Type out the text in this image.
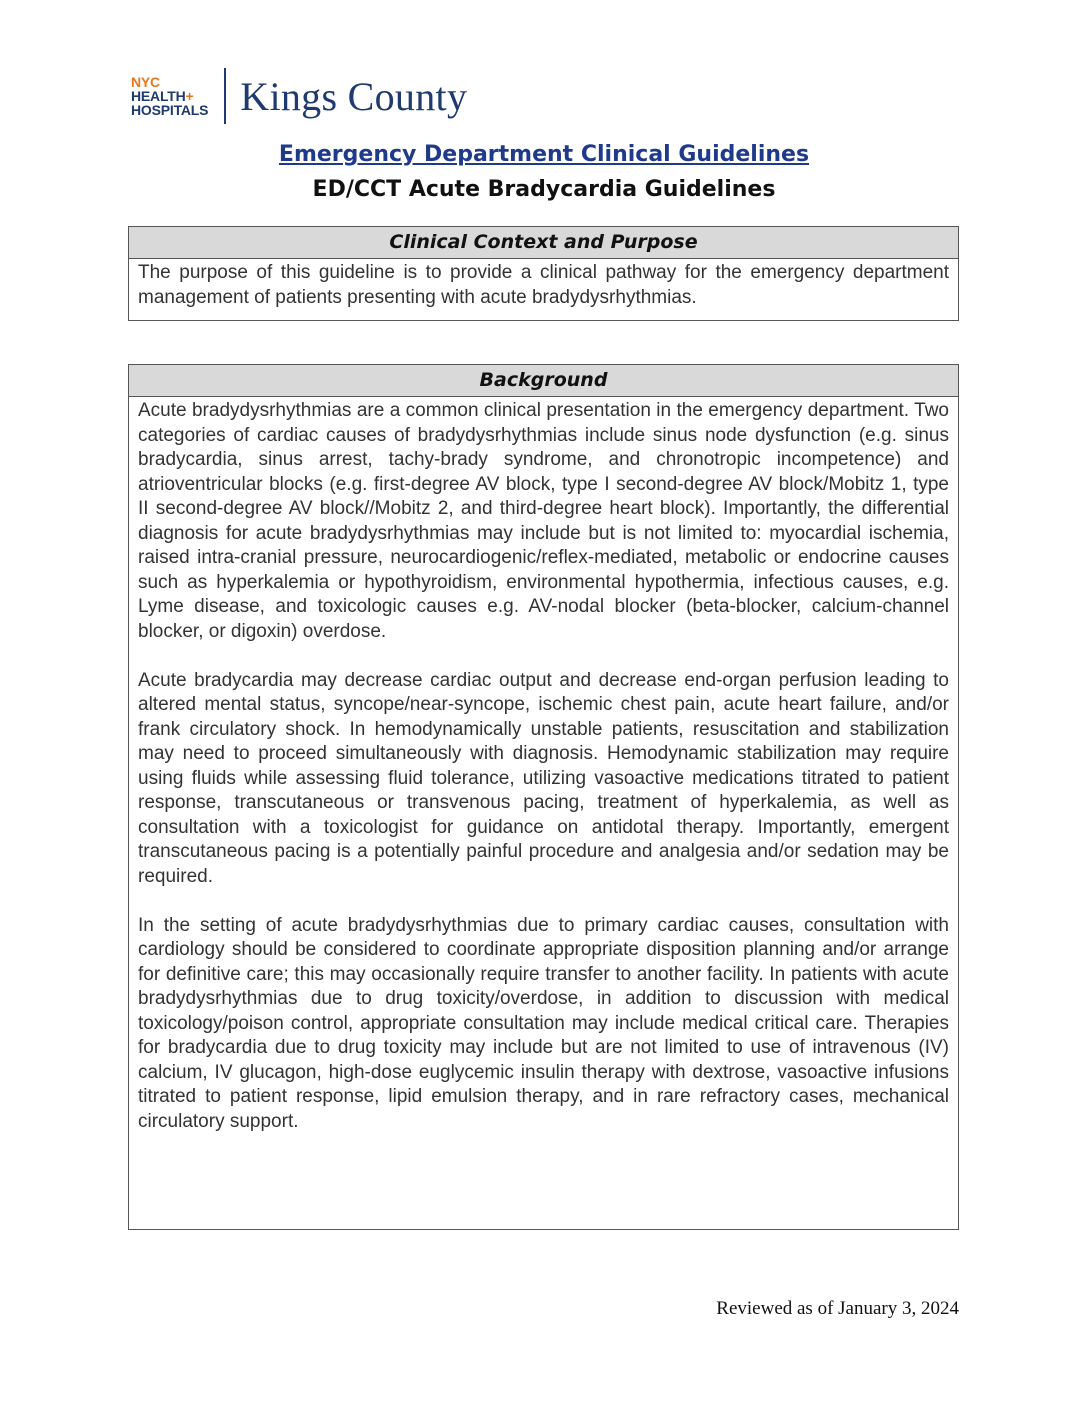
NYC
HEALTH+
HOSPITALS Kings County
Emergency Department Clinical Guidelines
ED/CCT Acute Bradycardia Guidelines
Clinical Context and Purpose

The purpose of this guideline is to provide a clinical pathway for the emergency department management of patients presenting with acute bradydysrhythmias.

Background

Acute bradydysrhythmias are a common clinical presentation in the emergency department. Two categories of cardiac causes of bradydysrhythmias include sinus node dysfunction (e.g. sinus bradycardia, sinus arrest, tachy-brady syndrome, and chronotropic incompetence) and atrioventricular blocks (e.g. first-degree AV block, type I second-degree AV block/Mobitz 1, type II second-degree AV block//Mobitz 2, and third-degree heart block). Importantly, the differential diagnosis for acute bradydysrhythmias may include but is not limited to: myocardial ischemia, raised intra-cranial pressure, neurocardiogenic/reflex-mediated, metabolic or endocrine causes such as hyperkalemia or hypothyroidism, environmental hypothermia, infectious causes, e.g. Lyme disease, and toxicologic causes e.g. AV-nodal blocker (beta-blocker, calcium-channel blocker, or digoxin) overdose.

Acute bradycardia may decrease cardiac output and decrease end-organ perfusion leading to altered mental status, syncope/near-syncope, ischemic chest pain, acute heart failure, and/or frank circulatory shock. In hemodynamically unstable patients, resuscitation and stabilization may need to proceed simultaneously with diagnosis. Hemodynamic stabilization may require using fluids while assessing fluid tolerance, utilizing vasoactive medications titrated to patient response, transcutaneous or transvenous pacing, treatment of hyperkalemia, as well as consultation with a toxicologist for guidance on antidotal therapy. Importantly, emergent transcutaneous pacing is a potentially painful procedure and analgesia and/or sedation may be required.

In the setting of acute bradydysrhythmias due to primary cardiac causes, consultation with cardiology should be considered to coordinate appropriate disposition planning and/or arrange for definitive care; this may occasionally require transfer to another facility. In patients with acute bradydysrhythmias due to drug toxicity/overdose, in addition to discussion with medical toxicology/poison control, appropriate consultation may include medical critical care. Therapies for bradycardia due to drug toxicity may include but are not limited to use of intravenous (IV) calcium, IV glucagon, high-dose euglycemic insulin therapy with dextrose, vasoactive infusions titrated to patient response, lipid emulsion therapy, and in rare refractory cases, mechanical circulatory support.

Reviewed as of January 3, 2024
